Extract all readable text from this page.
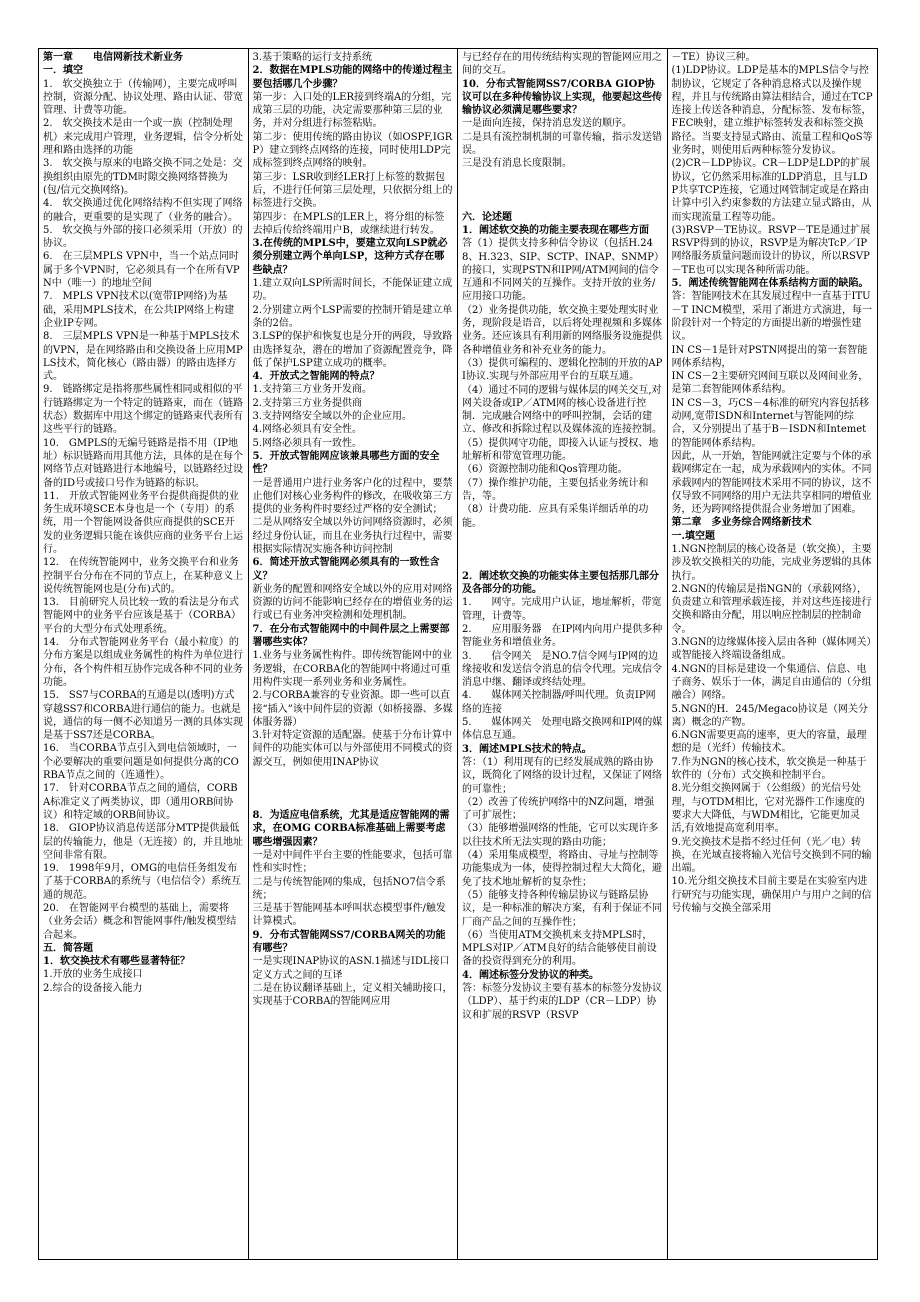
第一章　　电信网新技术新业务

一．填空

1.　软交换独立于（传输网），主要完成呼叫控制，资源分配、协议处理、路由认证、带宽管理、计费等功能。

2.　软交换技术是由一个或一族（控制处理机）来完成用户管理，业务逻辑，信令分析处理和路由选择的功能

3.　软交换与原来的电路交换不同之处是：交换组织由原先的TDM时隙交换网络替换为(包/信元交换网络)。

4.　软交换通过优化网络结构不但实现了网络的融合，更重要的是实现了（业务的融合）。

5.　软交换与外部的接口必须采用（开放）的协议。

6.　在三层MPLS VPN中，当一个站点同时属于多个VPN时，它必须具有一个在所有VPN中（唯一）的地址空间

7.　MPLS VPN技术以(宽带IP网络)为基础，采用MPLS技术，在公共IP网络上构建企业IP专网。

8.　三层MPLS VPN是一种基于MPLS技术的VPN，是在网络路由和交换设备上应用MPLS技术，简化核心（路由器）的路由选择方式。

9.　链路绑定是指将那些属性相同或相似的平行链路绑定为一个特定的链路束，而在（链路状态）数据库中用这个绑定的链路束代表所有这些平行的链路。

10.　GMPLS的无编号链路是指不用（IP地址）标识链路而用其他方法，具体的是在每个网络节点对链路进行本地编号，以链路经过设备的ID号或接口号作为链路的标识。

11.　开放式智能网业务平台提供商提供的业务生成环境SCE本身也是一个（专用）的系统，用一个智能网设备供应商提供的SCE开发的业务逻辑只能在该供应商的业务平台上运行。

12.　在传统智能网中，业务交换平台和业务控制平台分布在不同的节点上，在某种意义上说传统智能网也是(分布)式的。

13.　目前研究人员比较一致的看法是分布式智能网中的业务平台应该是基于（CORBA）平台的大型分布式处理系统。

14.　分布式智能网业务平台（最小粒度）的分布方案是以组成业务属性的构件为单位进行分布，各个构件相互协作完成各种不同的业务功能。

15.　SS7与CORBA的互通是以(透明)方式穿越SS7和CORBA进行通信的能力。也就是说，通信的每一侧不必知道另一测的具体实现是基于SS7还是CORBA。

16.　当CORBA节点引入到电信领域时，一个必要解决的重要问题是如何提供分离的CORBA节点之间的（连通性）。

17.　针对CORBA节点之间的通信，CORBA标准定义了两类协议，即（通用ORB间协议）和特定域的ORB间协议。

18.　GIOP协议消息传送部分MTP提供最低层的传输能力，他是（无连接）的，并且地址空间非常有限。

19.　1998年9月，OMG的电信任务组发布了基于CORBA的系统与（电信信令）系统互通的规范。

20.　在智能网平台模型的基础上，需要将（业务会话）概念和智能网事件/触发模型结合起来。

五．简答题

1．软交换技术有哪些显著特征？

1.开放的业务生成接口

2.综合的设备接入能力

3.基于策略的运行支持系统

2．数据在MPLS功能的网络中的传递过程主要包括哪几个步骤？

第一步：入口处的LER接到终端A的分组，完成第三层的功能，决定需要那种第三层的业务，并对分组进行标签粘贴。

第二步：使用传统的路由协议（如OSPF,IGRP）建立到终点网络的连接，同时使用LDP完成标签到终点网络的映射。

第三步：LSR收到经LER打上标签的数据包后，不进行任何第三层处理，只依据分组上的标签进行交换。

第四步：在MPLS的LER上，将分组的标签去掉后传给终端用户B，或继续进行转发。

3.在传统的MPLS中，要建立双向LSP就必须分别建立两个单向LSP，这种方式存在哪些缺点？

1.建立双向LSP所需时间长，不能保证建立成功。

2.分别建立两个LSP需要的控制开销是建立单条的2倍。

3.LSP的保护和恢复也是分开的两段，导致路由选择复杂，潜在的增加了资源配置竞争，降低了保护LSP建立成功的概率。

4．开放式之智能网的特点？

1.支持第三方业务开发商。

2.支持第三方业务提供商

3.支持网络安全域以外的企业应用。

4.网络必须具有安全性。

5.网络必须具有一致性。

5．开放式智能网应该兼具哪些方面的安全性？

一是普通用户进行业务客户化的过程中，要禁止他们对核心业务构件的修改，在吸收第三方提供的业务构件时要经过严格的安全测试；

二是从网络安全域以外访问网络资源时，必须经过身份认证，而且在业务执行过程中，需要根据实际情况实施各种访问控制

6．简述开放式智能网必须具有的一致性含义？

新业务的配置和网络安全域以外的应用对网络资源的访问不能影响已经存在的增值业务的运行或已有业务冲突检测和处理机制。

7．在分布式智能网中的中间件层之上需要部署哪些实体？

1.业务与业务属性构件。即传统智能网中的业务逻辑，在CORBA化的智能网中将通过可重用构件实现一系列业务和业务属性。

2.与CORBA兼容的专业资源。即一些可以直接“插入”该中间件层的资源（如桥接器、多媒体服务器）

3.针对特定资源的适配器。使基于分布计算中间件的功能实体可以与外部使用不同模式的资源交互，例如使用INAP协议

8．为适应电信系统，尤其是适应智能网的需求，在OMG CORBA标准基础上需要考虑哪些增强因素？

一是对中间件平台主要的性能要求，包括可靠性和实时性；

二是与传统智能网的集成，包括NO7信令系统；

三是基于智能网基本呼叫状态模型事件/触发计算模式。

9．分布式智能网SS7/CORBA网关的功能有哪些？

一是实现INAP协议的ASN.1描述与IDL接口定义方式之间的互译

二是在协议翻译基础上，定义相关辅助接口，实现基于CORBA的智能网应用

与已经存在的用传统结构实现的智能网应用之间的交互。

10．分布式智能网SS7/CORBA GIOP协议可以在多种传输协议上实现，他要起这些传输协议必须满足哪些要求？

一是面向连接，保持消息发送的顺序。

二是具有流控制机制的可靠传输，指示发送错误。

三是没有消息长度限制。

六．论述题

1．阐述软交换的功能主要表现在哪些方面

答（1）提供支持多种信令协议（包括H.248、H.323、SIP、SCTP、INAP、SNMP）的接口，实现PSTN和IP网/ATM网间的信令互通和不同网关的互操作。支持开放的业务/应用接口功能。

（2）业务提供功能，软交换主要处理实时业务，现阶段是语音，以后将处理视频和多媒体业务。还应该具有利用新的网络服务设施提供各种增值业务和补充业务的能力。

（3）提供可编程的、逻辑化控制的开放的API协议.实现与外部应用平台的互联互通。

（4）通过不同的逻辑与媒体层的网关交互,对网关设备或IP／ATM网的核心设备进行控制．完成融合网络中的呼叫控制，会话的建立、修改和拆除过程以及媒体流的连接控制。

（5）提供网守功能，即接入认证与授权、地址解析和带宽管理功能。

（6）资源控制功能和Qos管理功能。

（7）操作维护功能，主要包括业务统计和告，等。

（8）计费功能．应具有采集详细话单的功能。

2．阐述软交换的功能实体主要包括那几部分及各部分的功能。

1.　　网守。完成用户认证，地址解析，带宽管理，计费等。

2.　　应用服务器　在IP网内向用户提供多种智能业务和增值业务。

3.　　信令网关　是NO.7信令网与IP网的边缘接收和发送信令消息的信令代理。完成信令消息中继、翻译或终结处理。

4.　　媒体网关控制器/呼叫代理。负责IP网络的连接

5.　　媒体网关　处理电路交换网和IP网的媒体信息互通。

3．阐述MPLS技术的特点。

答：（1）利用现有的已经发展成熟的路由协议，既简化了网络的设计过程，又保证了网络的可靠性；

（2）改善了传统护网络中的NZ问题，增强了可扩展性；

（3）能够增强网络的性能，它可以实现许多以往技术所无法实现的路由功能；

（4）采用集成模型，将路由、寻址与控制等功能集成为一体，使得控制过程大大简化，避免了技术地址解析的复杂性；

（5）能够支持各种传输层协议与链路层协议，是一种标准的解决方案，有利于保证不同厂商产品之间的互操作性；

（6）当使用ATM交换机来支持MPLS时，MPLS对IP／ATM良好的结合能够使目前设备的投资得到充分的利用。

4．阐述标签分发协议的种类。

答：标签分发协议主要有基本的标签分发协议（LDP）、基于约束的LDP（CR－LDP）协议和扩展的RSVP（RSVP

－TE）协议三种。

(1)LDP协议。LDP是基本的MPLS信令与控制协议，它规定了各种消息格式以及操作规程，并且与传统路由算法相结合，通过在TCP连接上传送各种消息，分配标签、发布标签，FEC映射，建立维护标签转发表和标签交换路径。当要支持显式路由、流量工程和QoS等业务时，则使用后两种标签分发协议。

(2)CR－LDP协议。CR－LDP是LDP的扩展协议，它仍然采用标准的LDP消息，且与LDP共享TCP连接，它通过网管制定或是在路由计算中引入约束参数的方法建立显式路由，从而实现流量工程等功能。

(3)RSVP－TE协议。RSVP－TE是通过扩展RSVP得到的协议，RSVP是为解决TcP／IP网络服务质量问题而设计的协议，所以RSVP－TE也可以实现各种所需功能。

5．阐述传统智能网在体系结构方面的缺陷。

答：智能网技术在其发展过程中一直基于ITU－T INCM模型，采用了渐进方式演进，每一阶段针对一个特定的方面提出新的增强性建议。

IN CS－1是针对PSTN网提出的第一套智能网体系结构，

IN CS－2主要研究网间互联以及网间业务，是第二套智能网体系结构。

IN CS－3，巧CS－4标准的研究内容包括移动网,宽带ISDN和Internet与智能网的综合，又分别提出了基于B－ISDN和Intemet的智能网体系结构。

因此，从一开始，智能网就注定要与个体的承载网绑定在一起，成为承载网内的实体。不同承载网内的智能网技术采用不同的协议，这不仅导致不同网络的用户无法共享相同的增值业务，还为跨网络提供混合业务增加了困难。

第二章　多业务综合网络新技术

一.填空题

1.NGN控制层的核心设备是（软交换），主要涉及软交换相关的功能，完成业务逻辑的具体执行。

2.NGN的传输层是指NGN的（承载网络），负责建立和管理承载连接，并对这些连接进行交换和路由分配，用以响应控制层的控制命令。

3.NGN的边缘媒体接入层由各种（媒体网关）或智能接入终端设备组成。

4.NGN的目标是建设一个集通信、信息、电子商务、娱乐于一体，满足自由通信的（分组融合）网络。

5.NGN的H．245/Megaco协议是（网关分离）概念的产物。

6.NGN需要更高的速率，更大的容量，最理想的是（光纤）传输技术。

7.作为NGN的核心技术，软交换是一种基于软件的（分布）式交换和控制平台。

8.光分组交换网属于（公组级）的光信号处理，与OTDM相比，它对光器件工作速度的要求大大降低，与WDM相比，它能更加灵活,有效地提高宽利用率。

9.光交换技术是指不经过任何（光／电）转换，在光域直接将输入光信号交换到不同的输出端。

10.光分组交换技术目前主要是在实验室内进行研究与功能实现，确保用户与用户之间的信号传输与交换全部采用
